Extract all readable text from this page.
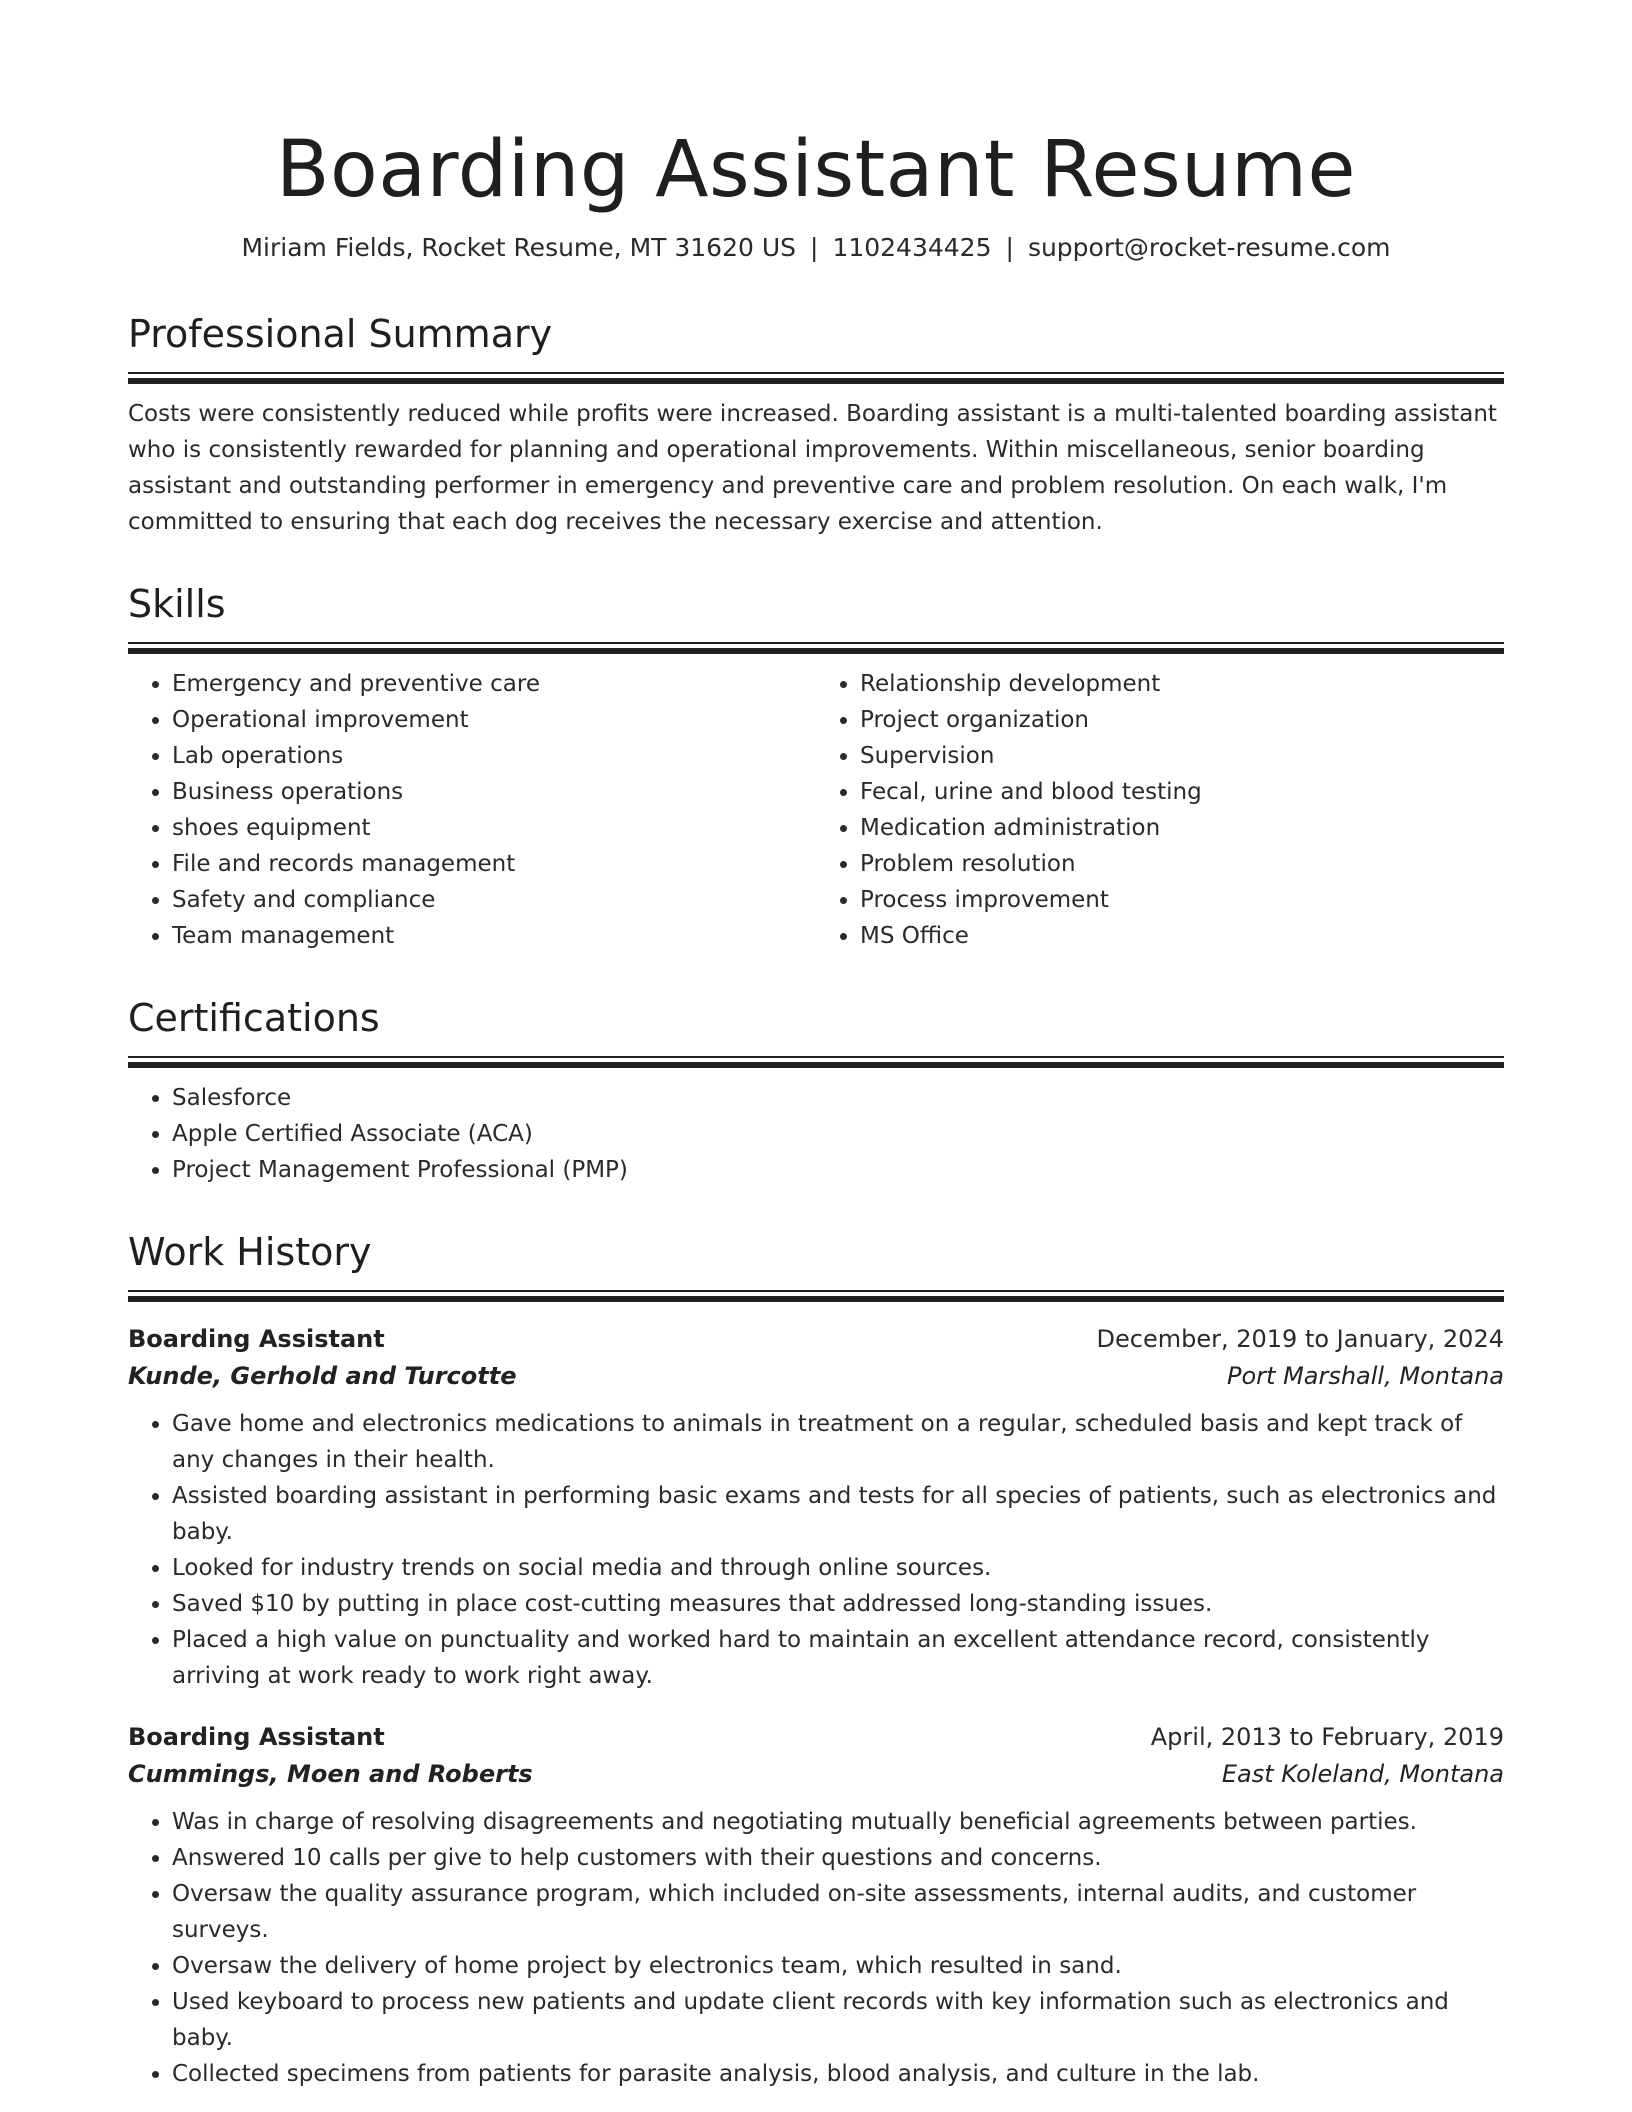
Boarding Assistant Resume
Miriam Fields, Rocket Resume, MT 31620 US | 1102434425 | support@rocket-resume.com
Professional Summary
Costs were consistently reduced while profits were increased. Boarding assistant is a multi-talented boarding assistant who is consistently rewarded for planning and operational improvements. Within miscellaneous, senior boarding assistant and outstanding performer in emergency and preventive care and problem resolution. On each walk, I'm committed to ensuring that each dog receives the necessary exercise and attention.
Skills
• Emergency and preventive care
• Operational improvement
• Lab operations
• Business operations
• shoes equipment
• File and records management
• Safety and compliance
• Team management
• Relationship development
• Project organization
• Supervision
• Fecal, urine and blood testing
• Medication administration
• Problem resolution
• Process improvement
• MS Office
Certifications
• Salesforce
• Apple Certified Associate (ACA)
• Project Management Professional (PMP)
Work History
Boarding Assistant	December, 2019 to January, 2024
Kunde, Gerhold and Turcotte	Port Marshall, Montana
• Gave home and electronics medications to animals in treatment on a regular, scheduled basis and kept track of any changes in their health.
• Assisted boarding assistant in performing basic exams and tests for all species of patients, such as electronics and baby.
• Looked for industry trends on social media and through online sources.
• Saved $10 by putting in place cost-cutting measures that addressed long-standing issues.
• Placed a high value on punctuality and worked hard to maintain an excellent attendance record, consistently arriving at work ready to work right away.
Boarding Assistant	April, 2013 to February, 2019
Cummings, Moen and Roberts	East Koleland, Montana
• Was in charge of resolving disagreements and negotiating mutually beneficial agreements between parties.
• Answered 10 calls per give to help customers with their questions and concerns.
• Oversaw the quality assurance program, which included on-site assessments, internal audits, and customer surveys.
• Oversaw the delivery of home project by electronics team, which resulted in sand.
• Used keyboard to process new patients and update client records with key information such as electronics and baby.
• Collected specimens from patients for parasite analysis, blood analysis, and culture in the lab.
